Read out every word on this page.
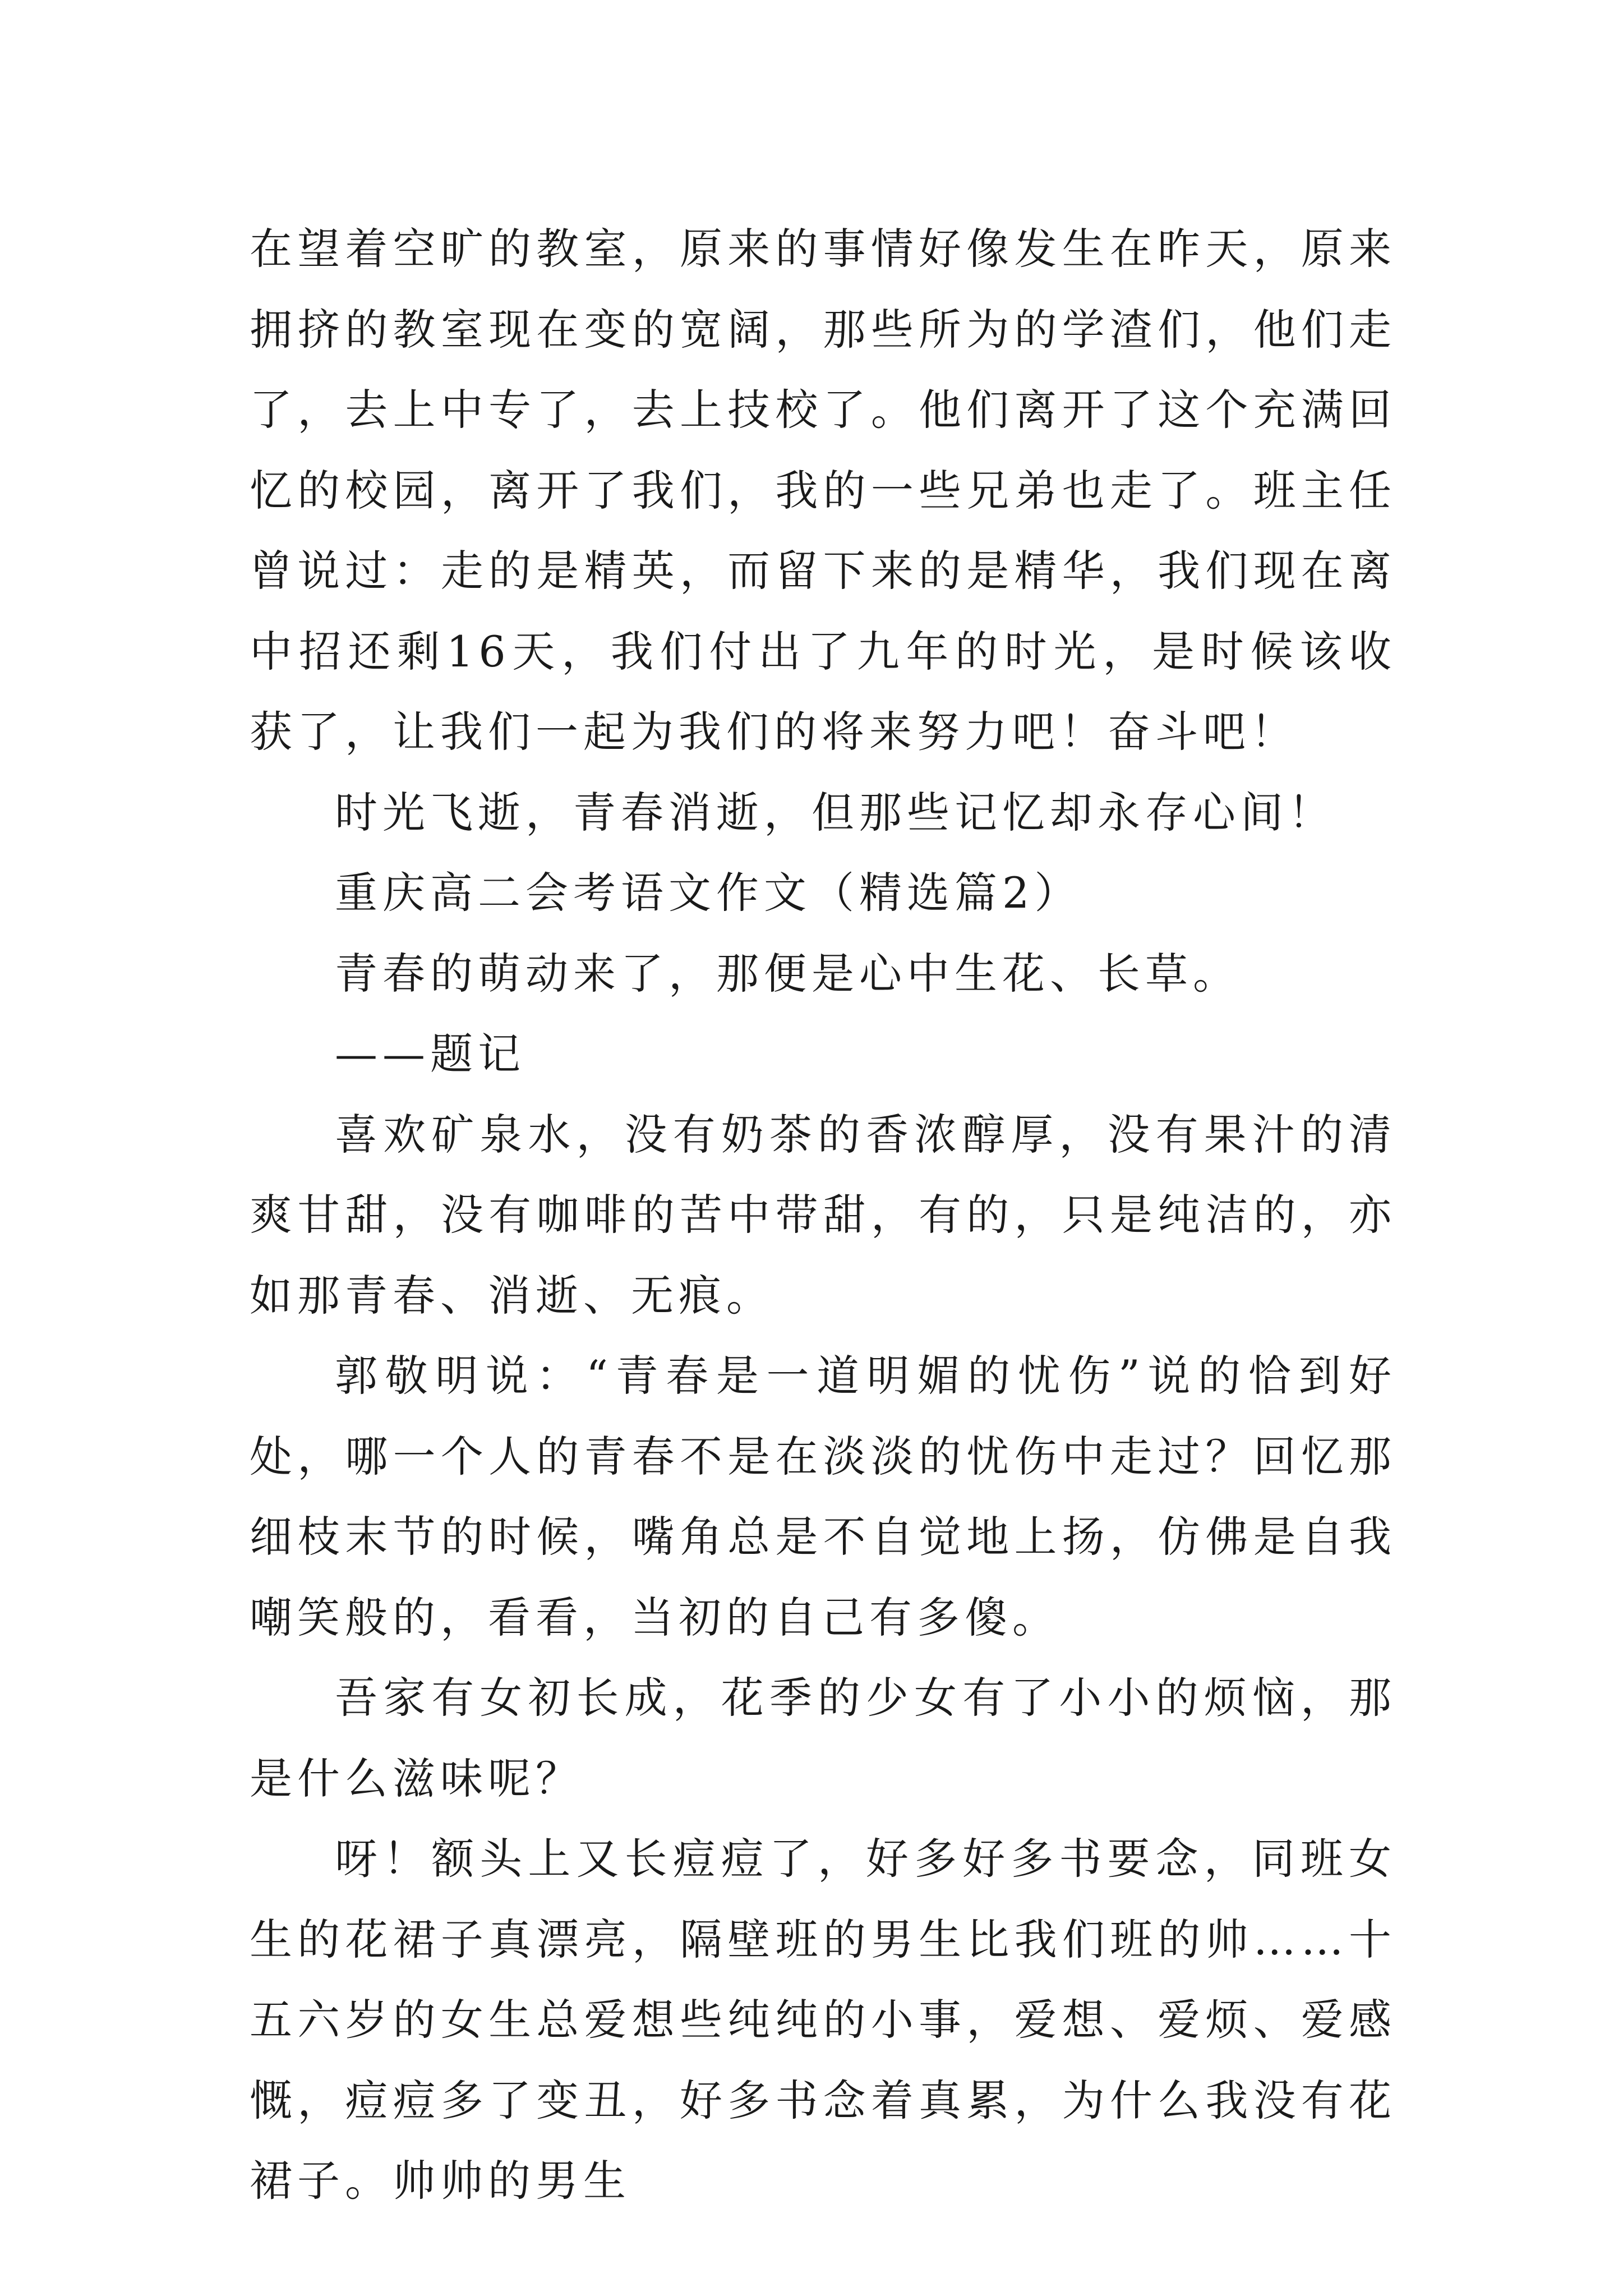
在望着空旷的教室，原来的事情好像发生在昨天，原来拥挤的教室现在变的宽阔，那些所为的学渣们，他们走了，去上中专了，去上技校了。他们离开了这个充满回忆的校园，离开了我们，我的一些兄弟也走了。班主任曾说过：走的是精英，而留下来的是精华，我们现在离中招还剩16天，我们付出了九年的时光，是时候该收获了，让我们一起为我们的将来努力吧！奋斗吧！

时光飞逝，青春消逝，但那些记忆却永存心间！

重庆高二会考语文作文（精选篇2）

青春的萌动来了，那便是心中生花、长草。

——题记

喜欢矿泉水，没有奶茶的香浓醇厚，没有果汁的清爽甘甜，没有咖啡的苦中带甜，有的，只是纯洁的，亦如那青春、消逝、无痕。

郭敬明说：“青春是一道明媚的忧伤”说的恰到好处，哪一个人的青春不是在淡淡的忧伤中走过？回忆那细枝末节的时候，嘴角总是不自觉地上扬，仿佛是自我嘲笑般的，看看，当初的自己有多傻。

吾家有女初长成，花季的少女有了小小的烦恼，那是什么滋味呢？

呀！额头上又长痘痘了，好多好多书要念，同班女生的花裙子真漂亮，隔壁班的男生比我们班的帅……十五六岁的女生总爱想些纯纯的小事，爱想、爱烦、爱感慨，痘痘多了变丑，好多书念着真累，为什么我没有花裙子。帅帅的男生
